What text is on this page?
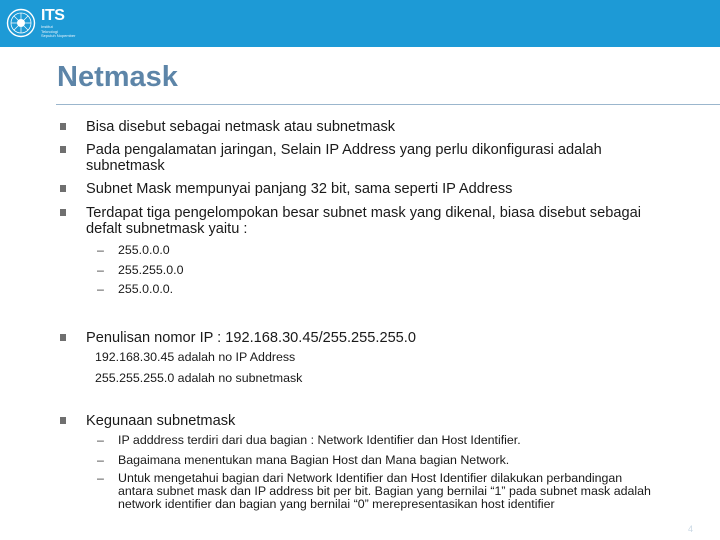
ITS
Institut
Teknologi
Sepuluh Nopember
Netmask
Bisa disebut sebagai netmask atau subnetmask
Pada pengalamatan jaringan, Selain IP Address yang perlu dikonfigurasi adalah subnetmask
Subnet Mask mempunyai panjang 32 bit, sama seperti IP Address
Terdapat tiga pengelompokan besar subnet mask yang dikenal, biasa disebut sebagai defalt subnetmask yaitu :
– 255.0.0.0
– 255.255.0.0
– 255.0.0.0.
Penulisan nomor IP : 192.168.30.45/255.255.255.0
192.168.30.45 adalah no IP Address
255.255.255.0 adalah no subnetmask
Kegunaan subnetmask
– IP adddress terdiri dari dua bagian : Network Identifier dan Host Identifier.
– Bagaimana menentukan mana Bagian Host dan Mana bagian Network.
– Untuk mengetahui bagian dari Network Identifier dan Host Identifier dilakukan perbandingan antara subnet mask dan IP address bit per bit. Bagian yang bernilai “1” pada subnet mask adalah network identifier dan bagian yang bernilai “0” merepresentasikan host identifier
4
